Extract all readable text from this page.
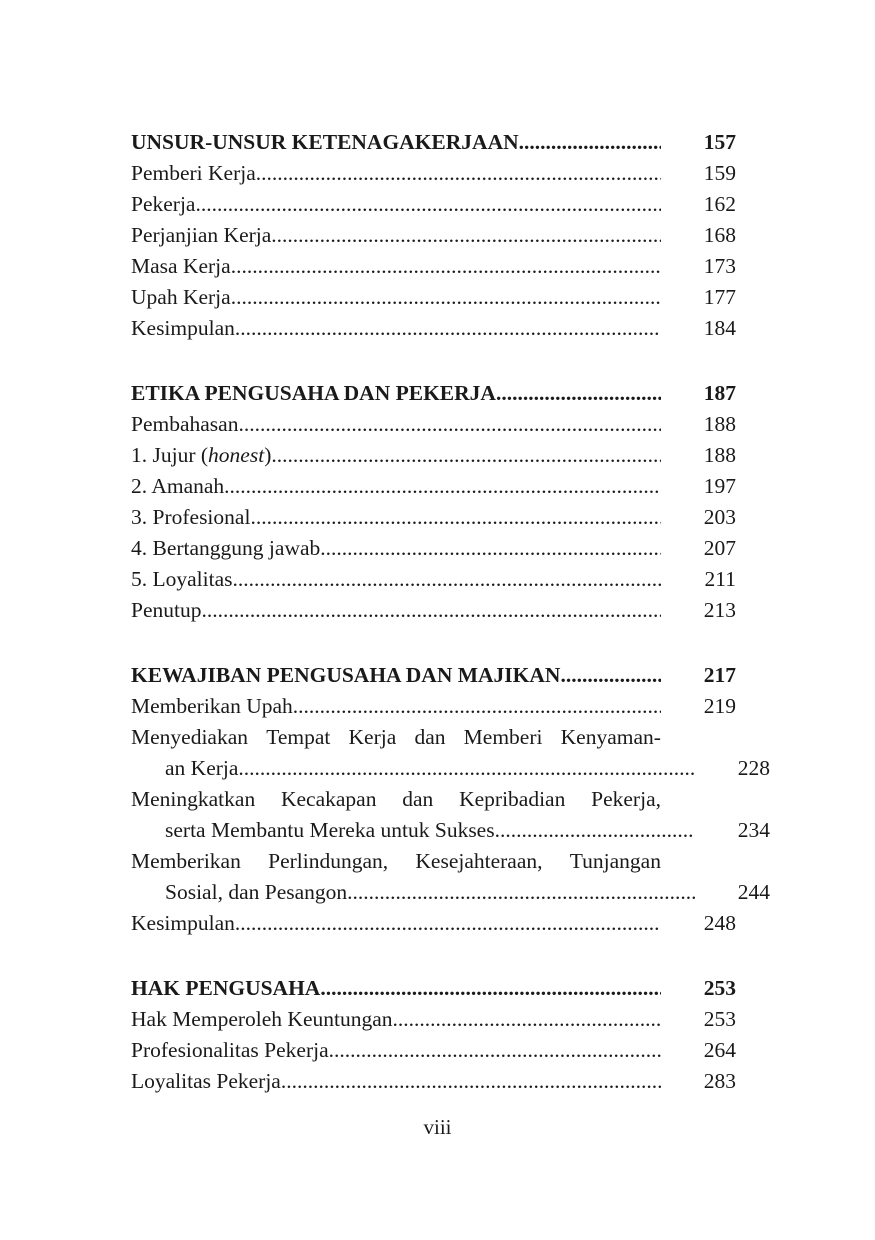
UNSUR-UNSUR KETENAGAKERJAAN .....	157
Pemberi Kerja .....	159
Pekerja .....	162
Perjanjian Kerja .....	168
Masa Kerja .....	173
Upah Kerja .....	177
Kesimpulan .....	184
ETIKA PENGUSAHA DAN PEKERJA .....	187
Pembahasan .....	188
1. Jujur (honest) .....	188
2. Amanah .....	197
3. Profesional .....	203
4. Bertanggung jawab .....	207
5. Loyalitas .....	211
Penutup .....	213
KEWAJIBAN PENGUSAHA DAN MAJIKAN .....	217
Memberikan Upah .....	219
Menyediakan Tempat Kerja dan Memberi Kenyaman-
an Kerja .....	228
Meningkatkan Kecakapan dan Kepribadian Pekerja,
serta Membantu Mereka untuk Sukses .....	234
Memberikan Perlindungan, Kesejahteraan, Tunjangan
Sosial, dan Pesangon .....	244
Kesimpulan .....	248
HAK PENGUSAHA .....	253
Hak Memperoleh Keuntungan .....	253
Profesionalitas Pekerja .....	264
Loyalitas Pekerja .....	283
viii
